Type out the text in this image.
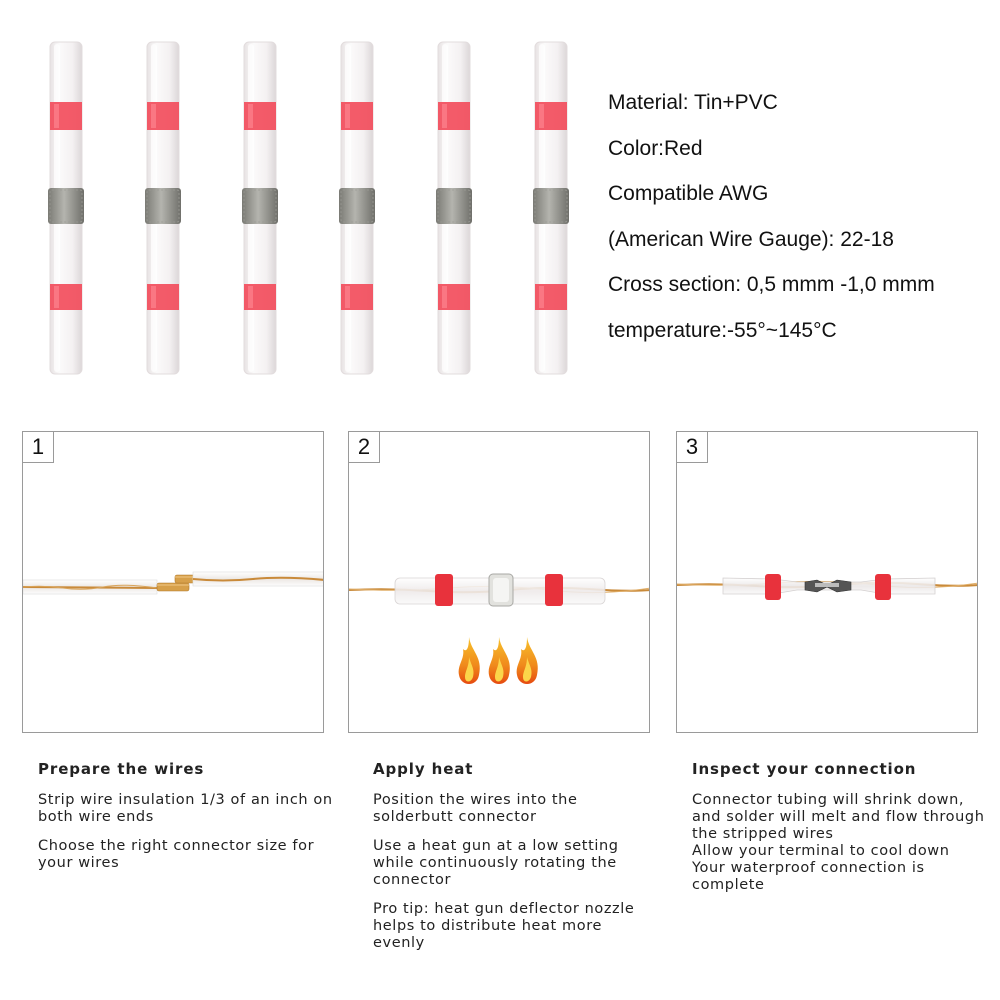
Material: Tin+PVC
Color:Red
Compatible AWG
(American Wire Gauge): 22-18
Cross section: 0,5 mmm -1,0 mmm
temperature:-55°~145°C
1	2	3
Prepare the wires
Strip wire insulation 1/3 of an inch on both wire ends
Choose the right connector size for your wires
Apply heat
Position the wires into the solderbutt connector
Use a heat gun at a low setting while continuously rotating the connector
Pro tip: heat gun deflector nozzle helps to distribute heat more evenly
Inspect your connection
Connector tubing will shrink down, and solder will melt and flow through the stripped wires
Allow your terminal to cool down
Your waterproof connection is complete
